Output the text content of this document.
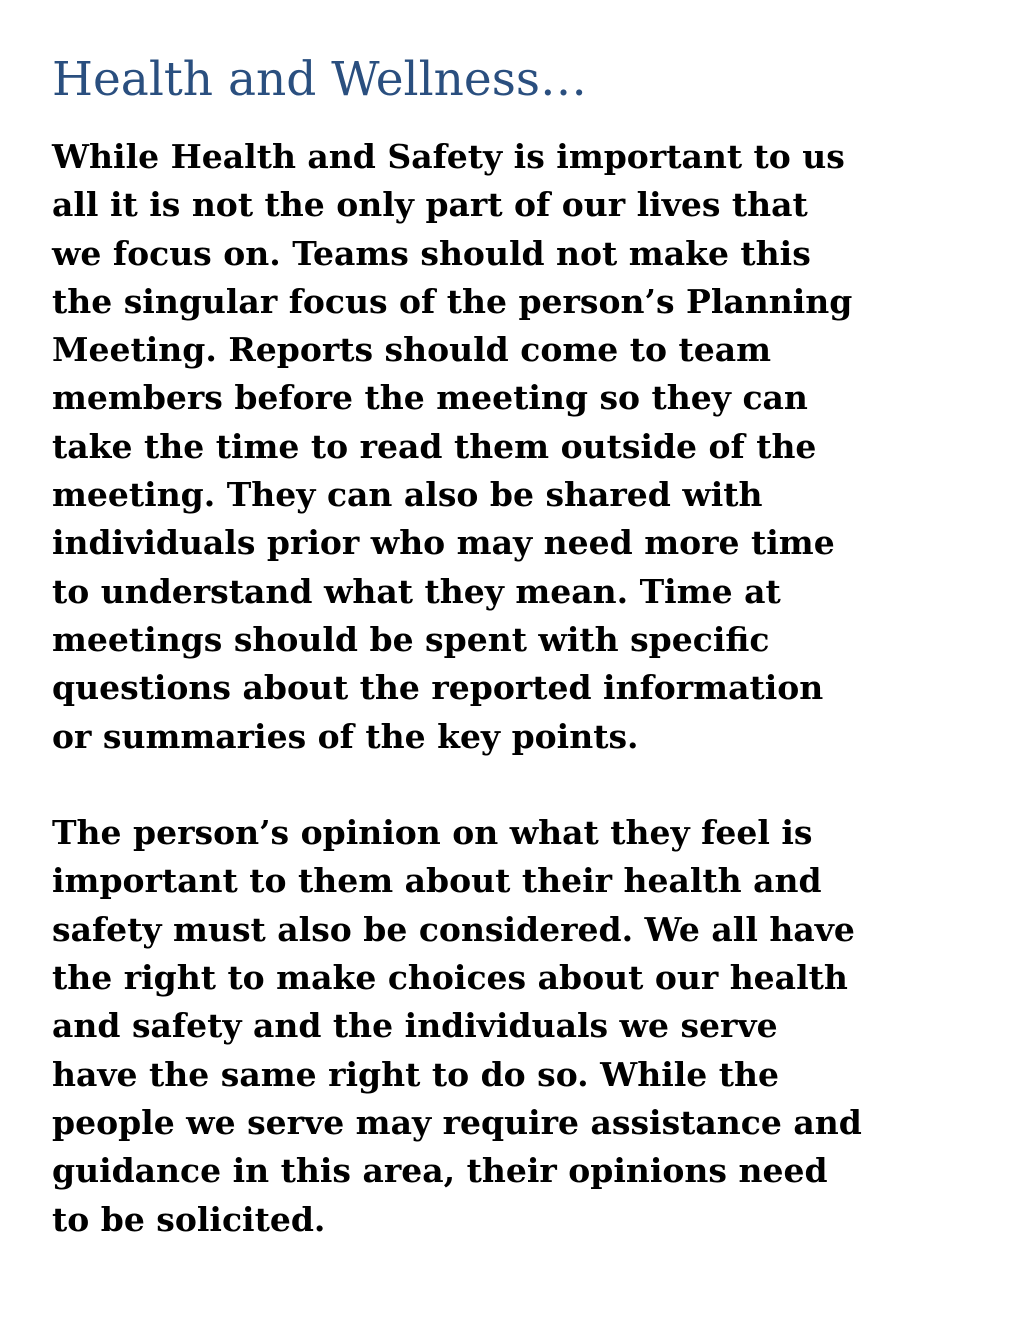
Health and Wellness…

While Health and Safety is important to us
all it is not the only part of our lives that
we focus on. Teams should not make this
the singular focus of the person’s Planning
Meeting. Reports should come to team
members before the meeting so they can
take the time to read them outside of the
meeting. They can also be shared with
individuals prior who may need more time
to understand what they mean. Time at
meetings should be spent with specific
questions about the reported information
or summaries of the key points.

The person’s opinion on what they feel is
important to them about their health and
safety must also be considered. We all have
the right to make choices about our health
and safety and the individuals we serve
have the same right to do so. While the
people we serve may require assistance and
guidance in this area, their opinions need
to be solicited.
